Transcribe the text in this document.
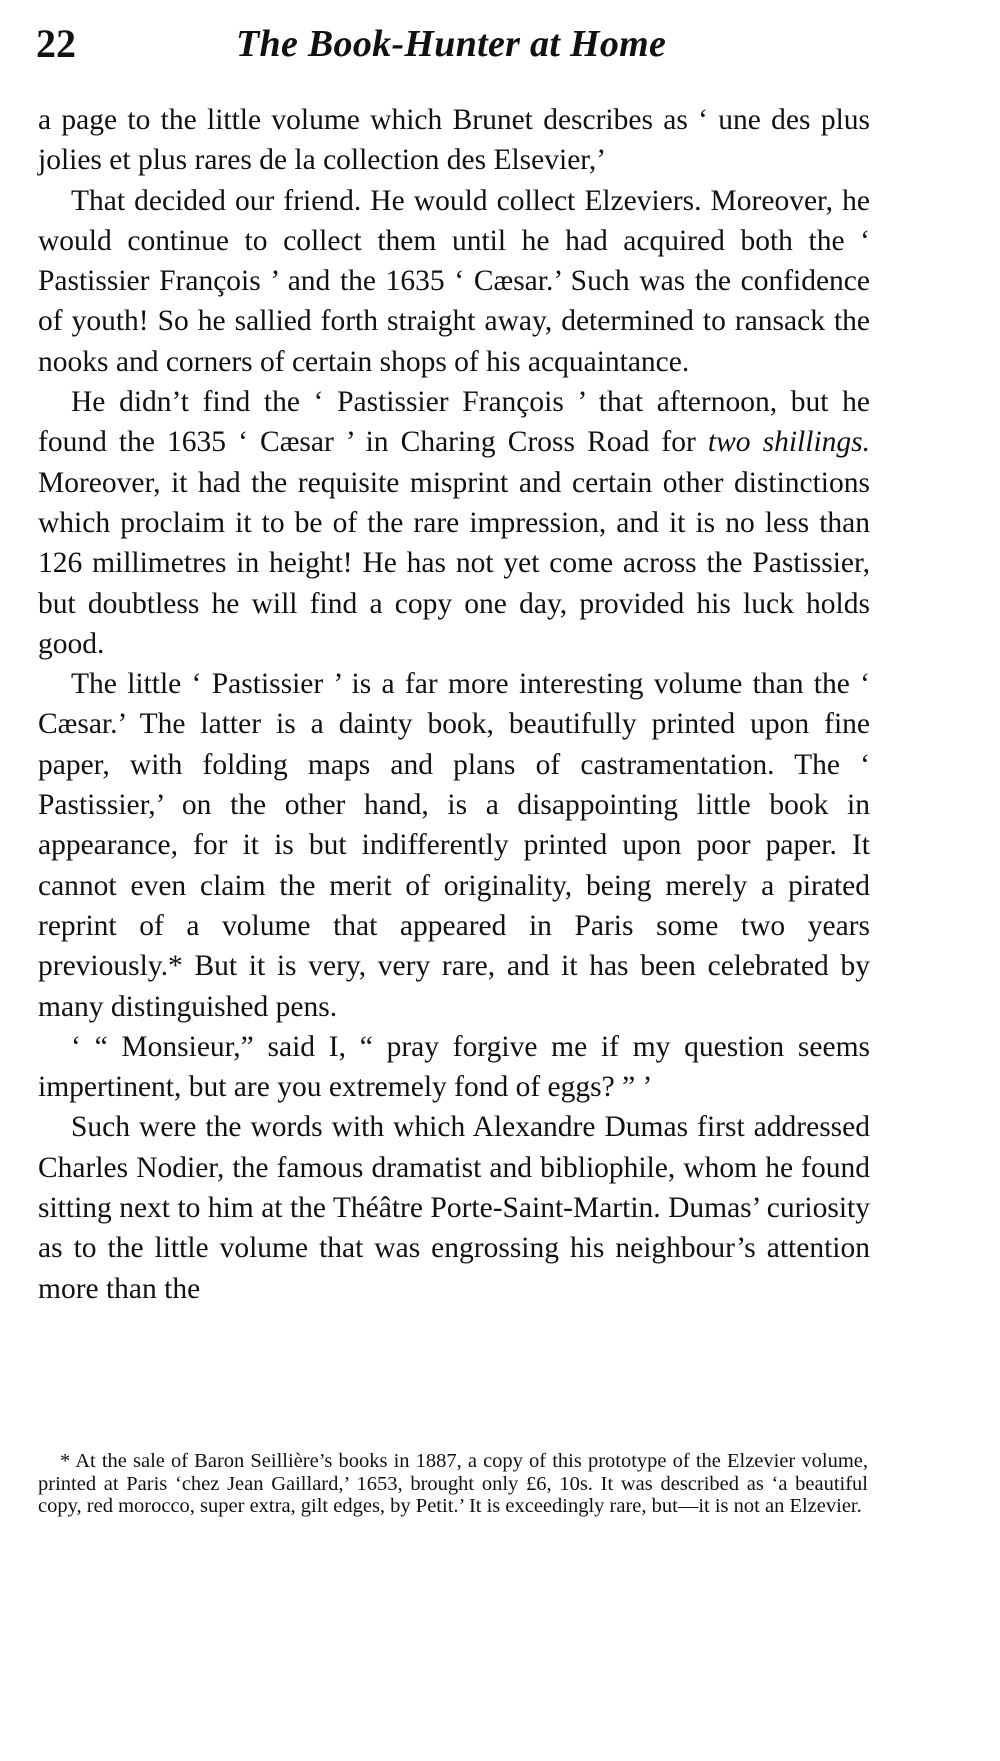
22	The Book-Hunter at Home

a page to the little volume which Brunet describes as ‘ une des plus jolies et plus rares de la collection des Elsevier,’

That decided our friend. He would collect Elzeviers. Moreover, he would continue to collect them until he had acquired both the ‘ Pastissier François ’ and the 1635 ‘ Cæsar.’ Such was the confidence of youth! So he sallied forth straight away, determined to ransack the nooks and corners of certain shops of his acquaintance.

He didn’t find the ‘ Pastissier François ’ that afternoon, but he found the 1635 ‘ Cæsar ’ in Charing Cross Road for two shillings. Moreover, it had the requisite misprint and certain other distinctions which proclaim it to be of the rare impression, and it is no less than 126 millimetres in height! He has not yet come across the Pastissier, but doubtless he will find a copy one day, provided his luck holds good.

The little ‘ Pastissier ’ is a far more interesting volume than the ‘ Cæsar.’ The latter is a dainty book, beautifully printed upon fine paper, with folding maps and plans of castramentation. The ‘ Pastissier,’ on the other hand, is a disappointing little book in appearance, for it is but indifferently printed upon poor paper. It cannot even claim the merit of originality, being merely a pirated reprint of a volume that appeared in Paris some two years previously.* But it is very, very rare, and it has been celebrated by many distinguished pens.

‘ “ Monsieur,” said I, “ pray forgive me if my question seems impertinent, but are you extremely fond of eggs? ” ’

Such were the words with which Alexandre Dumas first addressed Charles Nodier, the famous dramatist and bibliophile, whom he found sitting next to him at the Théâtre Porte-Saint-Martin. Dumas’ curiosity as to the little volume that was engrossing his neighbour’s attention more than the

* At the sale of Baron Seillière’s books in 1887, a copy of this prototype of the Elzevier volume, printed at Paris ‘chez Jean Gaillard,’ 1653, brought only £6, 10s. It was described as ‘a beautiful copy, red morocco, super extra, gilt edges, by Petit.’ It is exceedingly rare, but—it is not an Elzevier.
